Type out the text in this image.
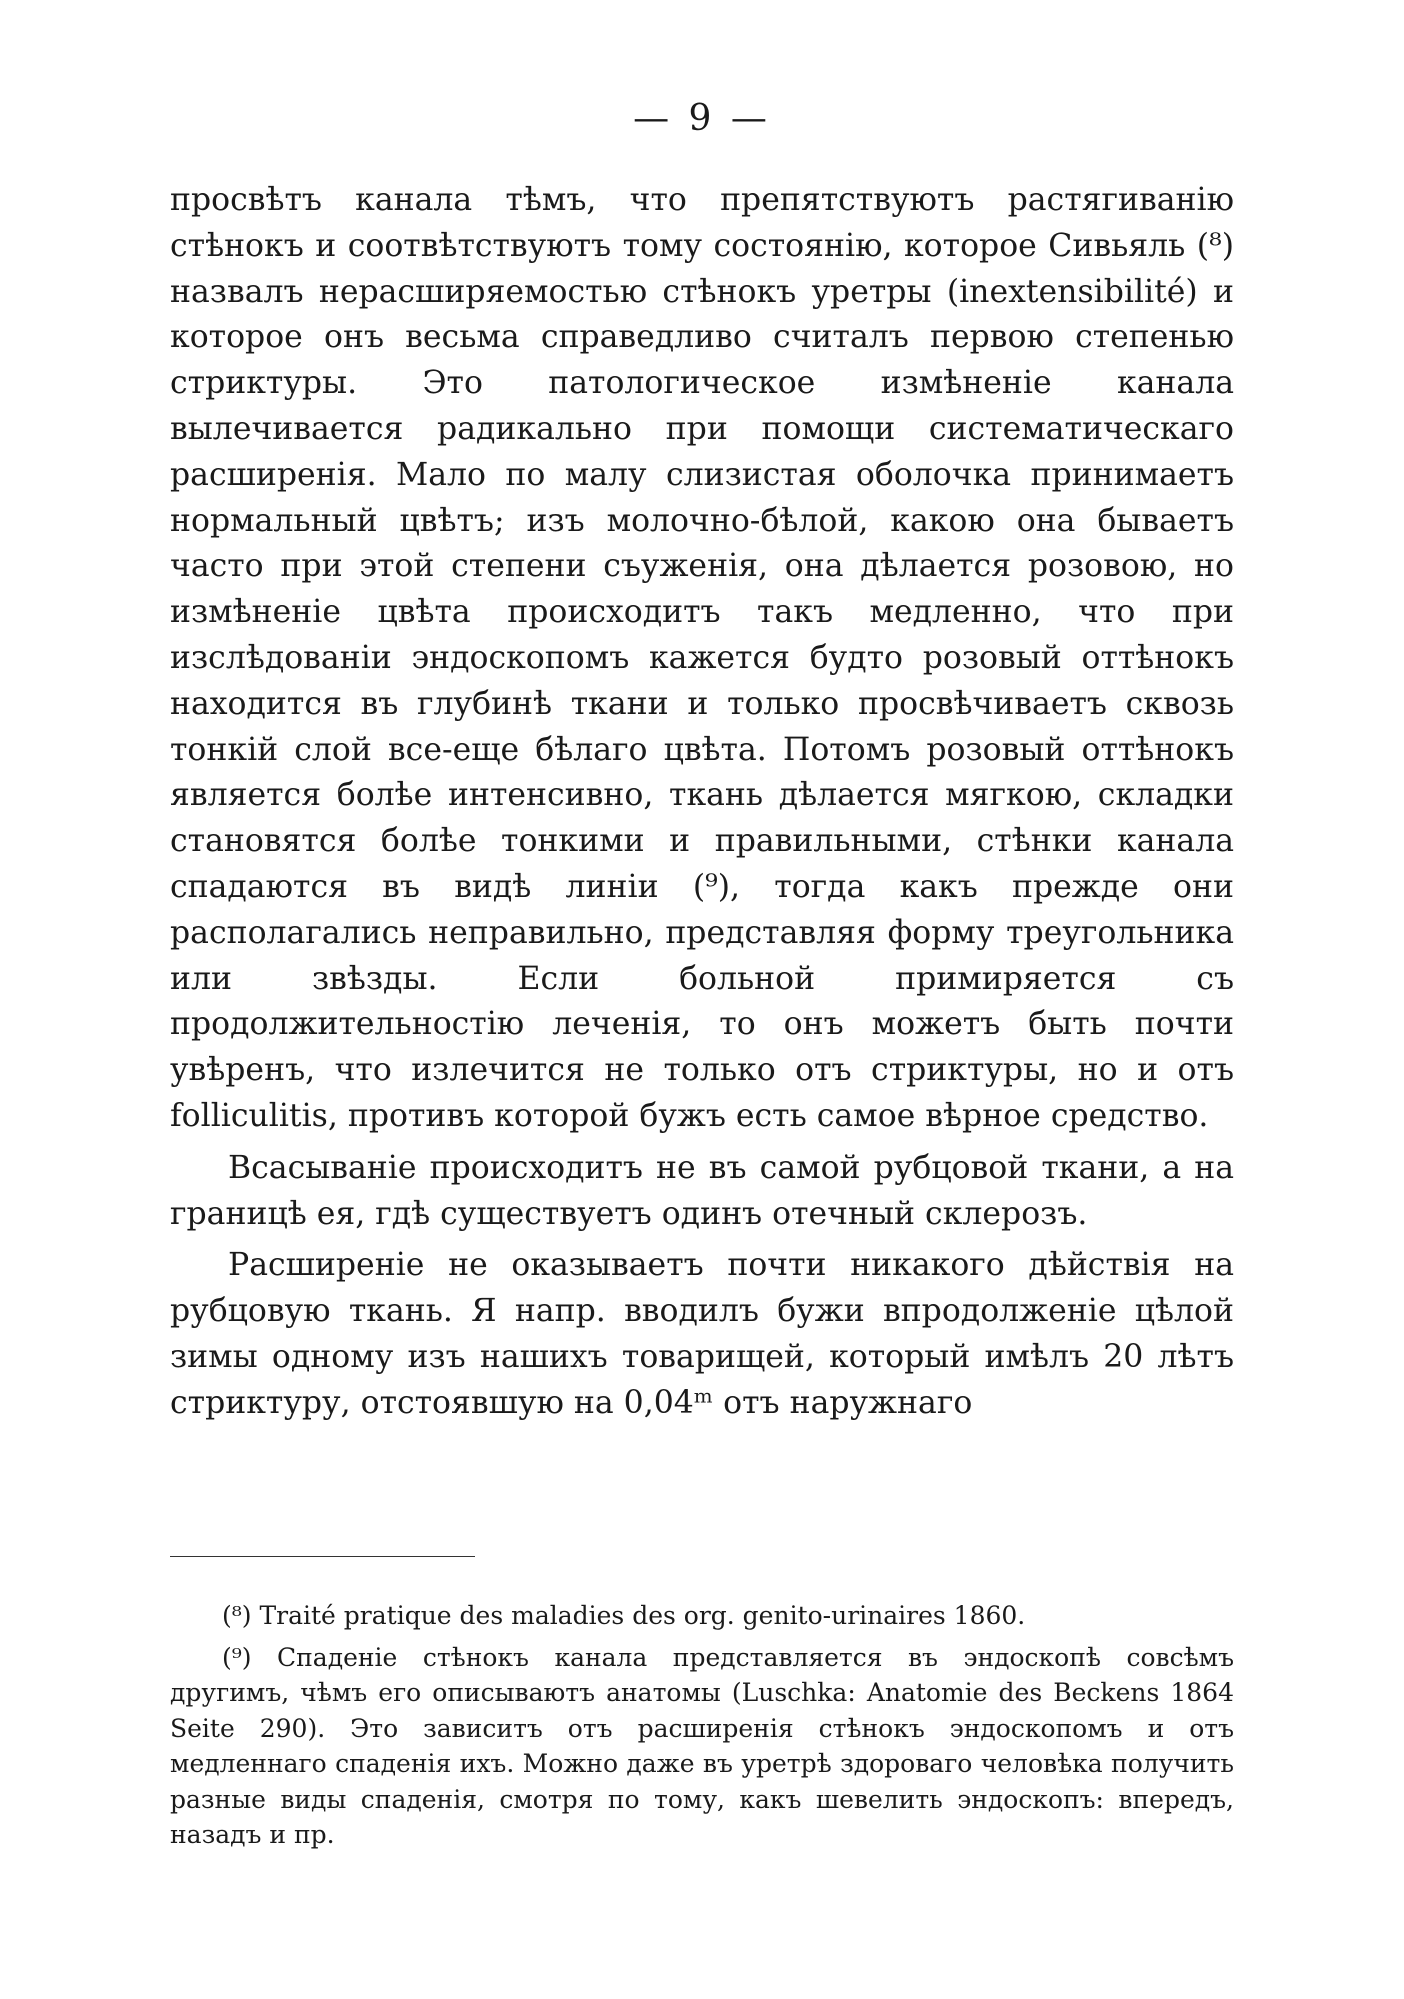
— 9 —

просвѣтъ канала тѣмъ, что препятствуютъ растягиванію стѣнокъ и соотвѣтствуютъ тому состоянію, которое Сивьяль (⁸) назвалъ нерасширяемостью стѣнокъ уретры (inextensibilité) и которое онъ весьма справедливо считалъ первою степенью стриктуры. Это патологическое измѣненіе канала вылечивается радикально при помощи систематическаго расширенія. Мало по малу слизистая оболочка принимаетъ нормальный цвѣтъ; изъ молочно-бѣлой, какою она бываетъ часто при этой степени съуженія, она дѣлается розовою, но измѣненіе цвѣта происходитъ такъ медленно, что при изслѣдованіи эндоскопомъ кажется будто розовый оттѣнокъ находится въ глубинѣ ткани и только просвѣчиваетъ сквозь тонкій слой все-еще бѣлаго цвѣта. Потомъ розовый оттѣнокъ является болѣе интенсивно, ткань дѣлается мягкою, складки становятся болѣе тонкими и правильными, стѣнки канала спадаются въ видѣ линіи (⁹), тогда какъ прежде они располагались неправильно, представляя форму треугольника или звѣзды. Если больной примиряется съ продолжительностію леченія, то онъ можетъ быть почти увѣренъ, что излечится не только отъ стриктуры, но и отъ folliculitis, противъ которой бужъ есть самое вѣрное средство.

Всасываніе происходитъ не въ самой рубцовой ткани, а на границѣ ея, гдѣ существуетъ одинъ отечный склерозъ.

Расширеніе не оказываетъ почти никакого дѣйствія на рубцовую ткань. Я напр. вводилъ бужи впродолженіе цѣлой зимы одному изъ нашихъ товарищей, который имѣлъ 20 лѣтъ стриктуру, отстоявшую на 0,04ᵐ отъ наружнаго

(⁸) Traité pratique des maladies des org. genito-urinaires 1860.

(⁹) Спаденіе стѣнокъ канала представляется въ эндоскопѣ совсѣмъ другимъ, чѣмъ его описываютъ анатомы (Luschka: Anatomie des Beckens 1864 Seite 290). Это зависитъ отъ расширенія стѣнокъ эндоскопомъ и отъ медленнаго спаденія ихъ. Можно даже въ уретрѣ здороваго человѣка получить разные виды спаденія, смотря по тому, какъ шевелить эндоскопъ: впередъ, назадъ и пр.
